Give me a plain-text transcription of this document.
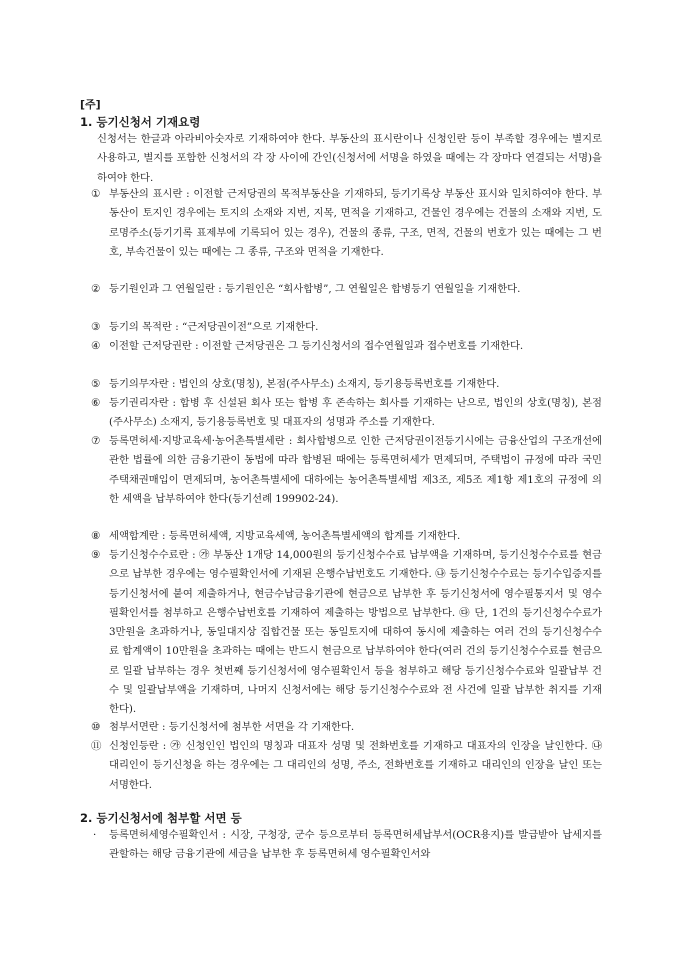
[주]
1. 등기신청서 기재요령
신청서는 한글과 아라비아숫자로 기재하여야 한다. 부동산의 표시란이나 신청인란 등이 부족할 경우에는 별지로 사용하고, 별지를 포함한 신청서의 각 장 사이에 간인(신청서에 서명을 하였을 때에는 각 장마다 연결되는 서명)을 하여야 한다.
① 부동산의 표시란 : 이전할 근저당권의 목적부동산을 기재하되, 등기기록상 부동산 표시와 일치하여야 한다. 부동산이 토지인 경우에는 토지의 소재와 지번, 지목, 면적을 기재하고, 건물인 경우에는 건물의 소재와 지번, 도로명주소(등기기록 표제부에 기록되어 있는 경우), 건물의 종류, 구조, 면적, 건물의 번호가 있는 때에는 그 번호, 부속건물이 있는 때에는 그 종류, 구조와 면적을 기재한다.
② 등기원인과 그 연월일란 : 등기원인은 “회사합병”, 그 연월일은 합병등기 연월일을 기재한다.
③ 등기의 목적란 : “근저당권이전”으로 기재한다.
④ 이전할 근저당권란 : 이전할 근저당권은 그 등기신청서의 접수연월일과 접수번호를 기재한다.
⑤ 등기의무자란 : 법인의 상호(명칭), 본점(주사무소) 소재지, 등기용등록번호를 기재한다.
⑥ 등기권리자란 : 합병 후 신설된 회사 또는 합병 후 존속하는 회사를 기재하는 난으로, 법인의 상호(명칭), 본점(주사무소) 소재지, 등기용등록번호 및 대표자의 성명과 주소를 기재한다.
⑦ 등록면허세·지방교육세·농어촌특별세란 : 회사합병으로 인한 근저당권이전등기시에는 금융산업의 구조개선에 관한 법률에 의한 금융기관이 동법에 따라 합병된 때에는 등록면허세가 면제되며, 주택법이 규정에 따라 국민주택채권매입이 면제되며, 농어촌특별세에 대하에는 농어촌특별세법 제3조, 제5조 제1항 제1호의 규정에 의한 세액을 납부하여야 한다(등기선례 199902-24).
⑧ 세액합계란 : 등록면허세액, 지방교육세액, 농어촌특별세액의 합계를 기재한다.
⑨ 등기신청수수료란 : ㉮ 부동산 1개당 14,000원의 등기신청수수료 납부액을 기재하며, 등기신청수수료를 현금으로 납부한 경우에는 영수필확인서에 기재된 은행수납번호도 기재한다. ㉯ 등기신청수수료는 등기수입증지를 등기신청서에 붙여 제출하거나, 현금수납금융기관에 현금으로 납부한 후 등기신청서에 영수필통지서 및 영수필확인서를 첨부하고 은행수납번호를 기재하여 제출하는 방법으로 납부한다. ㉰ 단, 1건의 등기신청수수료가 3만원을 초과하거나, 동일대지상 집합건물 또는 동일토지에 대하여 동시에 제출하는 여러 건의 등기신청수수료 합계액이 10만원을 초과하는 때에는 반드시 현금으로 납부하여야 한다(여러 건의 등기신청수수료를 현금으로 일괄 납부하는 경우 첫번째 등기신청서에 영수필확인서 등을 첨부하고 해당 등기신청수수료와 일괄납부 건수 및 일괄납부액을 기재하며, 나머지 신청서에는 해당 등기신청수수료와 전 사건에 일괄 납부한 취지를 기재한다).
⑩ 첨부서면란 : 등기신청서에 첨부한 서면을 각 기재한다.
⑪ 신청인등란 : ㉮ 신청인인 법인의 명칭과 대표자 성명 및 전화번호를 기재하고 대표자의 인장을 날인한다. ㉯ 대리인이 등기신청을 하는 경우에는 그 대리인의 성명, 주소, 전화번호를 기재하고 대리인의 인장을 날인 또는 서명한다.
2. 등기신청서에 첨부할 서면 등
· 등록면허세영수필확인서 : 시장, 구청장, 군수 등으로부터 등록면허세납부서(OCR용지)를 발급받아 납세지를 관할하는 해당 금융기관에 세금을 납부한 후 등록면허세 영수필확인서와
